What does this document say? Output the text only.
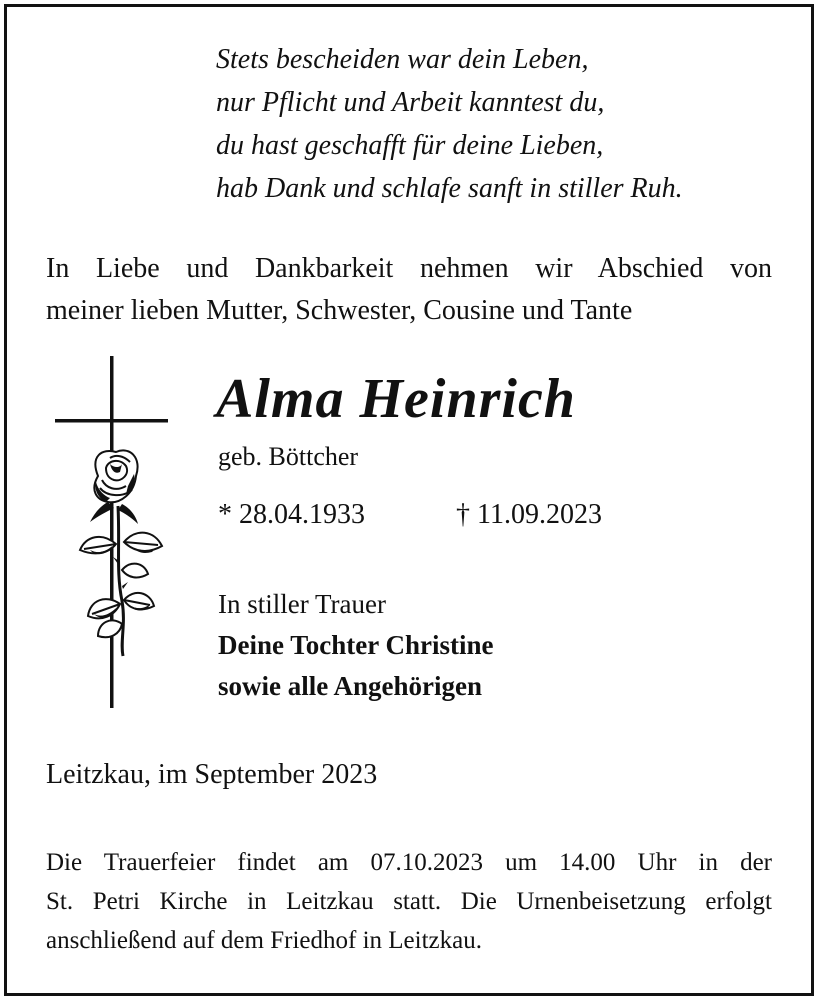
Stets bescheiden war dein Leben,
nur Pflicht und Arbeit kanntest du,
du hast geschafft für deine Lieben,
hab Dank und schlafe sanft in stiller Ruh.
In Liebe und Dankbarkeit nehmen wir Abschied von
meiner lieben Mutter, Schwester, Cousine und Tante
Alma Heinrich
geb. Böttcher
* 28.04.1933	† 11.09.2023
In stiller Trauer
Deine Tochter Christine
sowie alle Angehörigen
Leitzkau, im September 2023
Die Trauerfeier findet am 07.10.2023 um 14.00 Uhr in der
St. Petri Kirche in Leitzkau statt. Die Urnenbeisetzung erfolgt
anschließend auf dem Friedhof in Leitzkau.
